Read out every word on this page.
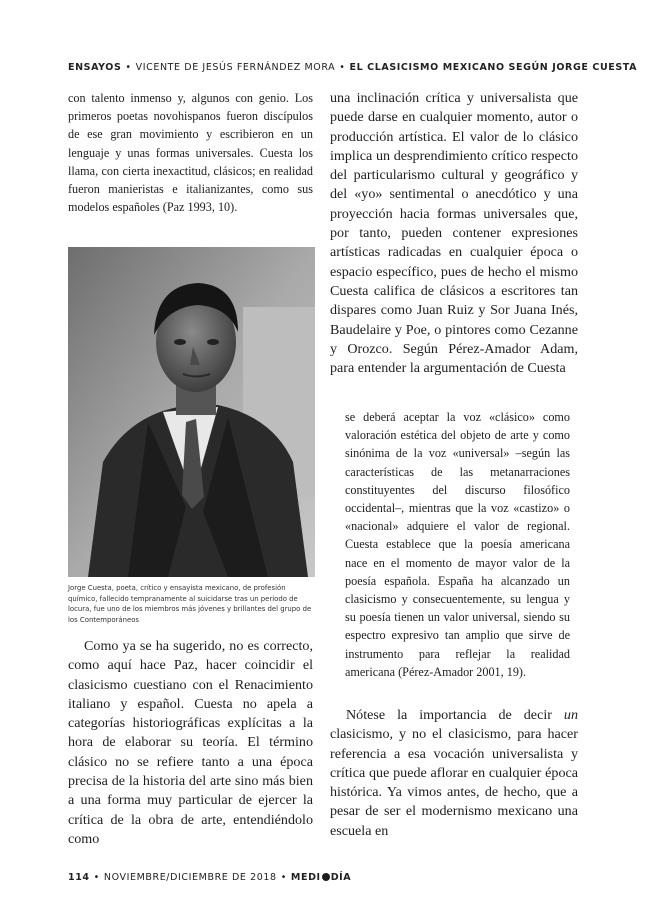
ENSAYOS • VICENTE DE JESÚS FERNÁNDEZ MORA • EL CLASICISMO MEXICANO SEGÚN JORGE CUESTA

con talento inmenso y, algunos con genio. Los primeros poetas novohispanos fueron discípulos de ese gran movimiento y escribieron en un lenguaje y unas formas universales. Cuesta los llama, con cierta inexactitud, clásicos; en realidad fueron manieristas e italianizantes, como sus modelos españoles (Paz 1993, 10).

Jorge Cuesta, poeta, crítico y ensayista mexicano, de profesión químico, fallecido tempranamente al suicidarse tras un periodo de locura, fue uno de los miembros más jóvenes y brillantes del grupo de los Contemporáneos

Como ya se ha sugerido, no es correcto, como aquí hace Paz, hacer coincidir el clasicismo cuestiano con el Renacimiento italiano y español. Cuesta no apela a categorías historiográficas explícitas a la hora de elaborar su teoría. El término clásico no se refiere tanto a una época precisa de la historia del arte sino más bien a una forma muy particular de ejercer la crítica de la obra de arte, entendiéndolo como

una inclinación crítica y universalista que puede darse en cualquier momento, autor o producción artística. El valor de lo clásico implica un desprendimiento crítico respecto del particularismo cultural y geográfico y del «yo» sentimental o anecdótico y una proyección hacia formas universales que, por tanto, pueden contener expresiones artísticas radicadas en cualquier época o espacio específico, pues de hecho el mismo Cuesta califica de clásicos a escritores tan dispares como Juan Ruiz y Sor Juana Inés, Baudelaire y Poe, o pintores como Cezanne y Orozco. Según Pérez-Amador Adam, para entender la argumentación de Cuesta

se deberá aceptar la voz «clásico» como valoración estética del objeto de arte y como sinónima de la voz «universal» –según las características de las metanarraciones constituyentes del discurso filosófico occidental–, mientras que la voz «castizo» o «nacional» adquiere el valor de regional. Cuesta establece que la poesía americana nace en el momento de mayor valor de la poesía española. España ha alcanzado un clasicismo y consecuentemente, su lengua y su poesía tienen un valor universal, siendo su espectro expresivo tan amplio que sirve de instrumento para reflejar la realidad americana (Pérez-Amador 2001, 19).

Nótese la importancia de decir un clasicismo, y no el clasicismo, para hacer referencia a esa vocación universalista y crítica que puede aflorar en cualquier época histórica. Ya vimos antes, de hecho, que a pesar de ser el modernismo mexicano una escuela en

114 • NOVIEMBRE/DICIEMBRE DE 2018 • MEDI DÍA
